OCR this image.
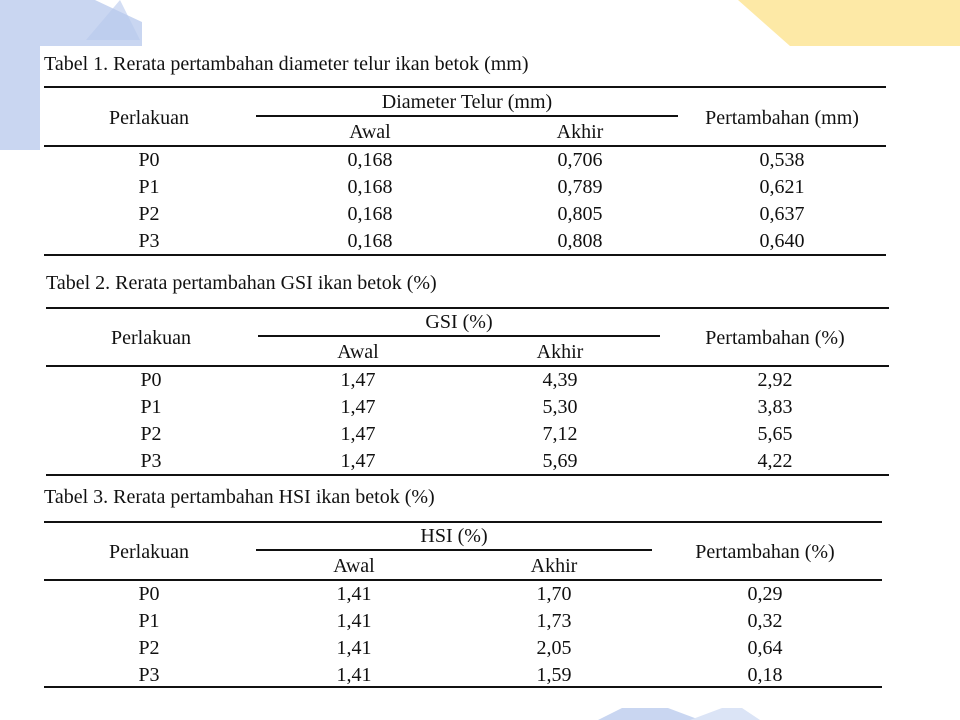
Tabel 1. Rerata pertambahan diameter telur ikan betok (mm)
Perlakuan
Diameter Telur (mm)
Awal	Akhir
Pertambahan (mm)
P0	0,168	0,706	0,538
P1	0,168	0,789	0,621
P2	0,168	0,805	0,637
P3	0,168	0,808	0,640
Tabel 2. Rerata pertambahan GSI ikan betok (%)
Perlakuan
GSI (%)
Awal	Akhir
Pertambahan (%)
P0	1,47	4,39	2,92
P1	1,47	5,30	3,83
P2	1,47	7,12	5,65
P3	1,47	5,69	4,22
Tabel 3. Rerata pertambahan HSI ikan betok (%)
Perlakuan
HSI (%)
Awal	Akhir
Pertambahan (%)
P0	1,41	1,70	0,29
P1	1,41	1,73	0,32
P2	1,41	2,05	0,64
P3	1,41	1,59	0,18
